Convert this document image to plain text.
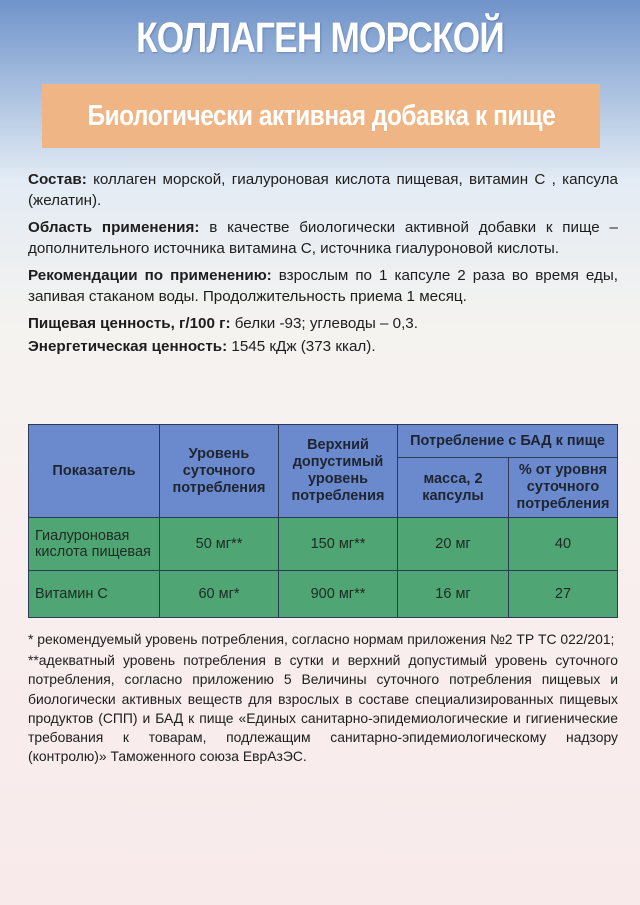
КОЛЛАГЕН МОРСКОЙ
Биологически активная добавка к пище

Состав: коллаген морской, гиалуроновая кислота пищевая, витамин С , капсула (желатин).

Область применения: в качестве биологически активной добавки к пище – дополнительного источника витамина С, источника гиалуроновой кислоты.

Рекомендации по применению: взрослым по 1 капсуле 2 раза во время еды, запивая стаканом воды. Продолжительность приема 1 месяц.

Пищевая ценность, г/100 г: белки -93; углеводы – 0,3.

Энергетическая ценность: 1545 кДж (373 ккал).

Показатель	Уровень суточного потребления	Верхний допустимый уровень потребления	Потребление с БАД к пище	
			масса, 2 капсулы	% от уровня суточного потребления
Гиалуроновая кислота пищевая	50 мг**	150 мг**	20 мг	40
Витамин С	60 мг*	900 мг**	16 мг	27

* рекомендуемый уровень потребления, согласно нормам приложения №2 ТР ТС 022/201;

**адекватный уровень потребления в сутки и верхний допустимый уровень суточного потребления, согласно приложению 5 Величины суточного потребления пищевых и биологически активных веществ для взрослых в составе специализированных пищевых продуктов (СПП) и БАД к пище «Единых санитарно-эпидемиологические и гигиенические требования к товарам, подлежащим санитарно-эпидемиологическому надзору (контролю)» Таможенного союза ЕврАзЭС.
